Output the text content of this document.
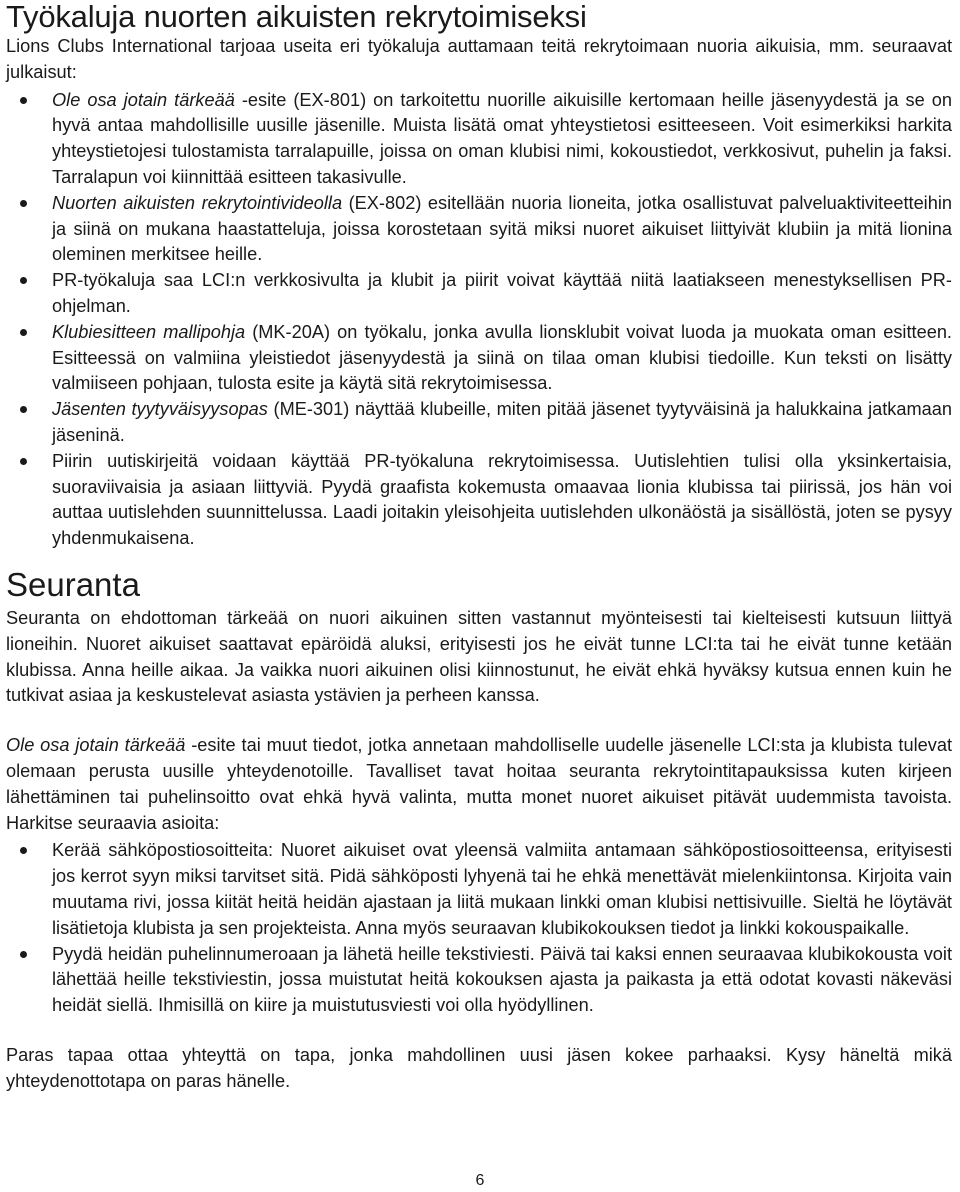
Työkaluja nuorten aikuisten rekrytoimiseksi

Lions Clubs International tarjoaa useita eri työkaluja auttamaan teitä rekrytoimaan nuoria aikuisia, mm. seuraavat julkaisut:

Ole osa jotain tärkeää -esite (EX-801) on tarkoitettu nuorille aikuisille kertomaan heille jäsenyydestä ja se on hyvä antaa mahdollisille uusille jäsenille. Muista lisätä omat yhteystietosi esitteeseen. Voit esimerkiksi harkita yhteystietojesi tulostamista tarralapuille, joissa on oman klubisi nimi, kokoustiedot, verkkosivut, puhelin ja faksi. Tarralapun voi kiinnittää esitteen takasivulle.
Nuorten aikuisten rekrytointivideolla (EX-802) esitellään nuoria lioneita, jotka osallistuvat palveluaktiviteetteihin ja siinä on mukana haastatteluja, joissa korostetaan syitä miksi nuoret aikuiset liittyivät klubiin ja mitä lionina oleminen merkitsee heille.
PR-työkaluja saa LCI:n verkkosivulta ja klubit ja piirit voivat käyttää niitä laatiakseen menestyksellisen PR-ohjelman.
Klubiesitteen mallipohja (MK-20A) on työkalu, jonka avulla lionsklubit voivat luoda ja muokata oman esitteen. Esitteessä on valmiina yleistiedot jäsenyydestä ja siinä on tilaa oman klubisi tiedoille. Kun teksti on lisätty valmiiseen pohjaan, tulosta esite ja käytä sitä rekrytoimisessa.
Jäsenten tyytyväisyysopas (ME-301) näyttää klubeille, miten pitää jäsenet tyytyväisinä ja halukkaina jatkamaan jäseninä.
Piirin uutiskirjeitä voidaan käyttää PR-työkaluna rekrytoimisessa. Uutislehtien tulisi olla yksinkertaisia, suoraviivaisia ja asiaan liittyviä. Pyydä graafista kokemusta omaavaa lionia klubissa tai piirissä, jos hän voi auttaa uutislehden suunnittelussa. Laadi joitakin yleisohjeita uutislehden ulkonäöstä ja sisällöstä, joten se pysyy yhdenmukaisena.
Seuranta

Seuranta on ehdottoman tärkeää on nuori aikuinen sitten vastannut myönteisesti tai kielteisesti kutsuun liittyä lioneihin. Nuoret aikuiset saattavat epäröidä aluksi, erityisesti jos he eivät tunne LCI:ta tai he eivät tunne ketään klubissa. Anna heille aikaa. Ja vaikka nuori aikuinen olisi kiinnostunut, he eivät ehkä hyväksy kutsua ennen kuin he tutkivat asiaa ja keskustelevat asiasta ystävien ja perheen kanssa.

Ole osa jotain tärkeää -esite tai muut tiedot, jotka annetaan mahdolliselle uudelle jäsenelle LCI:sta ja klubista tulevat olemaan perusta uusille yhteydenotoille. Tavalliset tavat hoitaa seuranta rekrytointitapauksissa kuten kirjeen lähettäminen tai puhelinsoitto ovat ehkä hyvä valinta, mutta monet nuoret aikuiset pitävät uudemmista tavoista. Harkitse seuraavia asioita:

Kerää sähköpostiosoitteita: Nuoret aikuiset ovat yleensä valmiita antamaan sähköpostiosoitteensa, erityisesti jos kerrot syyn miksi tarvitset sitä. Pidä sähköposti lyhyenä tai he ehkä menettävät mielenkiintonsa. Kirjoita vain muutama rivi, jossa kiität heitä heidän ajastaan ja liitä mukaan linkki oman klubisi nettisivuille. Sieltä he löytävät lisätietoja klubista ja sen projekteista. Anna myös seuraavan klubikokouksen tiedot ja linkki kokouspaikalle.
Pyydä heidän puhelinnumeroaan ja lähetä heille tekstiviesti. Päivä tai kaksi ennen seuraavaa klubikokousta voit lähettää heille tekstiviestin, jossa muistutat heitä kokouksen ajasta ja paikasta ja että odotat kovasti näkeväsi heidät siellä. Ihmisillä on kiire ja muistutusviesti voi olla hyödyllinen.

Paras tapaa ottaa yhteyttä on tapa, jonka mahdollinen uusi jäsen kokee parhaaksi. Kysy häneltä mikä yhteydenottotapa on paras hänelle.

6
